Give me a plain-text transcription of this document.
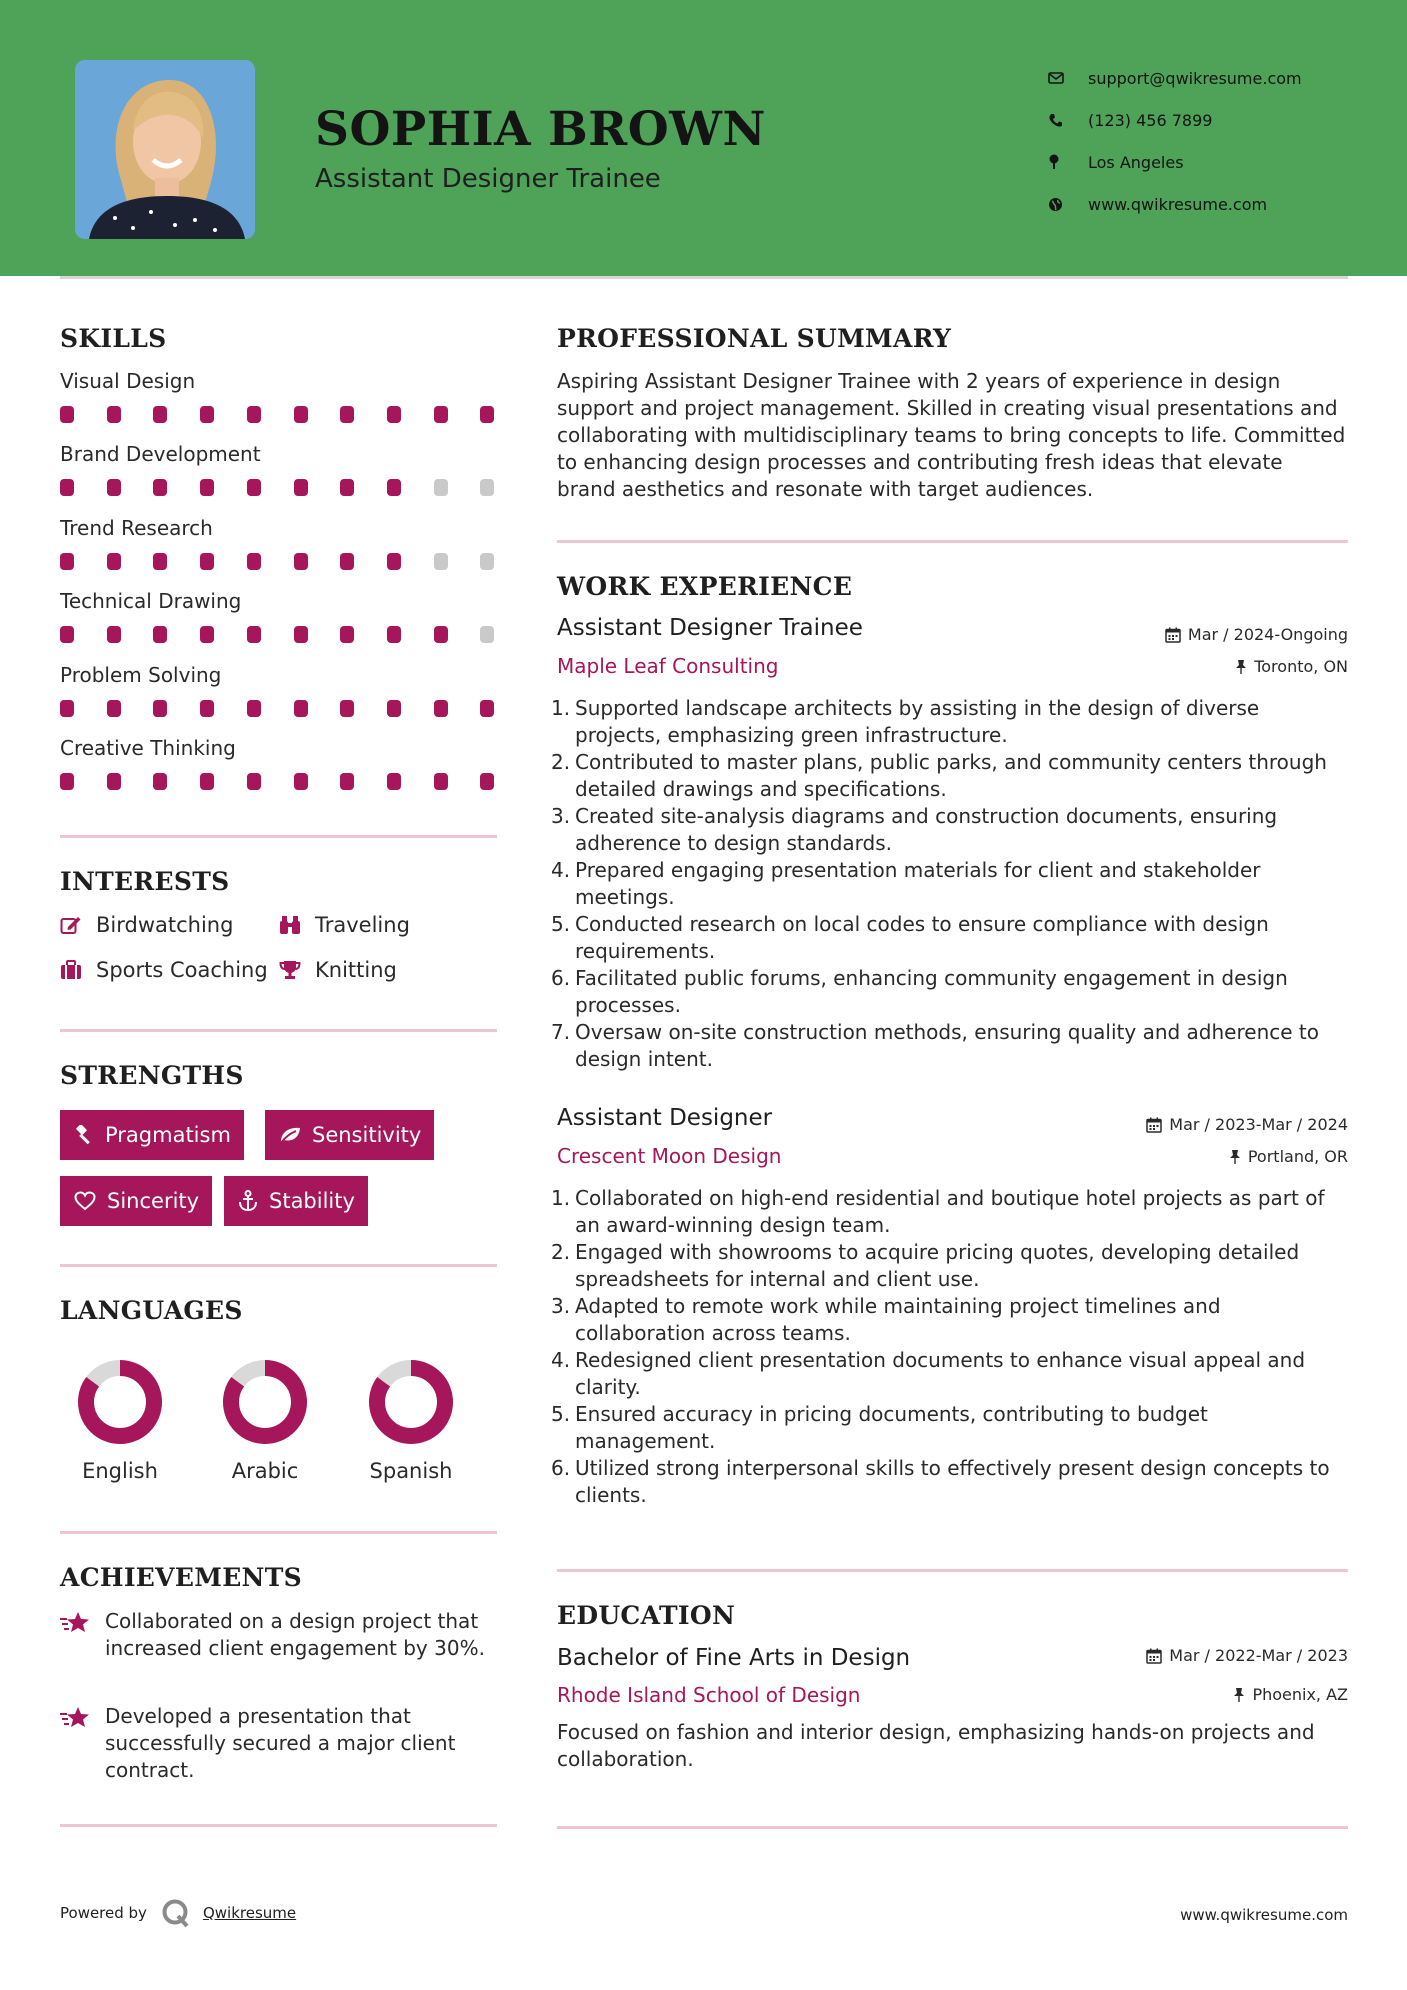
SOPHIA BROWN
Assistant Designer Trainee
support@qwikresume.com
(123) 456 7899
Los Angeles
www.qwikresume.com
SKILLS
Visual Design
Brand Development
Trend Research
Technical Drawing
Problem Solving
Creative Thinking
INTERESTS
Birdwatching	Traveling
Sports Coaching Knitting
STRENGTHS
Pragmatism	Sensitivity
Sincerity	Stability
LANGUAGES
English	Arabic	Spanish
ACHIEVEMENTS
Collaborated on a design project that increased client engagement by 30%.
Developed a presentation that successfully secured a major client contract.
PROFESSIONAL SUMMARY
Aspiring Assistant Designer Trainee with 2 years of experience in design support and project management. Skilled in creating visual presentations and collaborating with multidisciplinary teams to bring concepts to life. Committed to enhancing design processes and contributing fresh ideas that elevate brand aesthetics and resonate with target audiences.
WORK EXPERIENCE
Assistant Designer Trainee	Mar / 2024-Ongoing
Maple Leaf Consulting	Toronto, ON
1. Supported landscape architects by assisting in the design of diverse projects, emphasizing green infrastructure.
2. Contributed to master plans, public parks, and community centers through detailed drawings and specifications.
3. Created site-analysis diagrams and construction documents, ensuring adherence to design standards.
4. Prepared engaging presentation materials for client and stakeholder meetings.
5. Conducted research on local codes to ensure compliance with design requirements.
6. Facilitated public forums, enhancing community engagement in design processes.
7. Oversaw on-site construction methods, ensuring quality and adherence to design intent.
Assistant Designer	Mar / 2023-Mar / 2024
Crescent Moon Design	Portland, OR
1. Collaborated on high-end residential and boutique hotel projects as part of an award-winning design team.
2. Engaged with showrooms to acquire pricing quotes, developing detailed spreadsheets for internal and client use.
3. Adapted to remote work while maintaining project timelines and collaboration across teams.
4. Redesigned client presentation documents to enhance visual appeal and clarity.
5. Ensured accuracy in pricing documents, contributing to budget management.
6. Utilized strong interpersonal skills to effectively present design concepts to clients.
EDUCATION
Bachelor of Fine Arts in Design	Mar / 2022-Mar / 2023
Rhode Island School of Design	Phoenix, AZ
Focused on fashion and interior design, emphasizing hands-on projects and collaboration.
Powered by	Qwikresume	www.qwikresume.com
